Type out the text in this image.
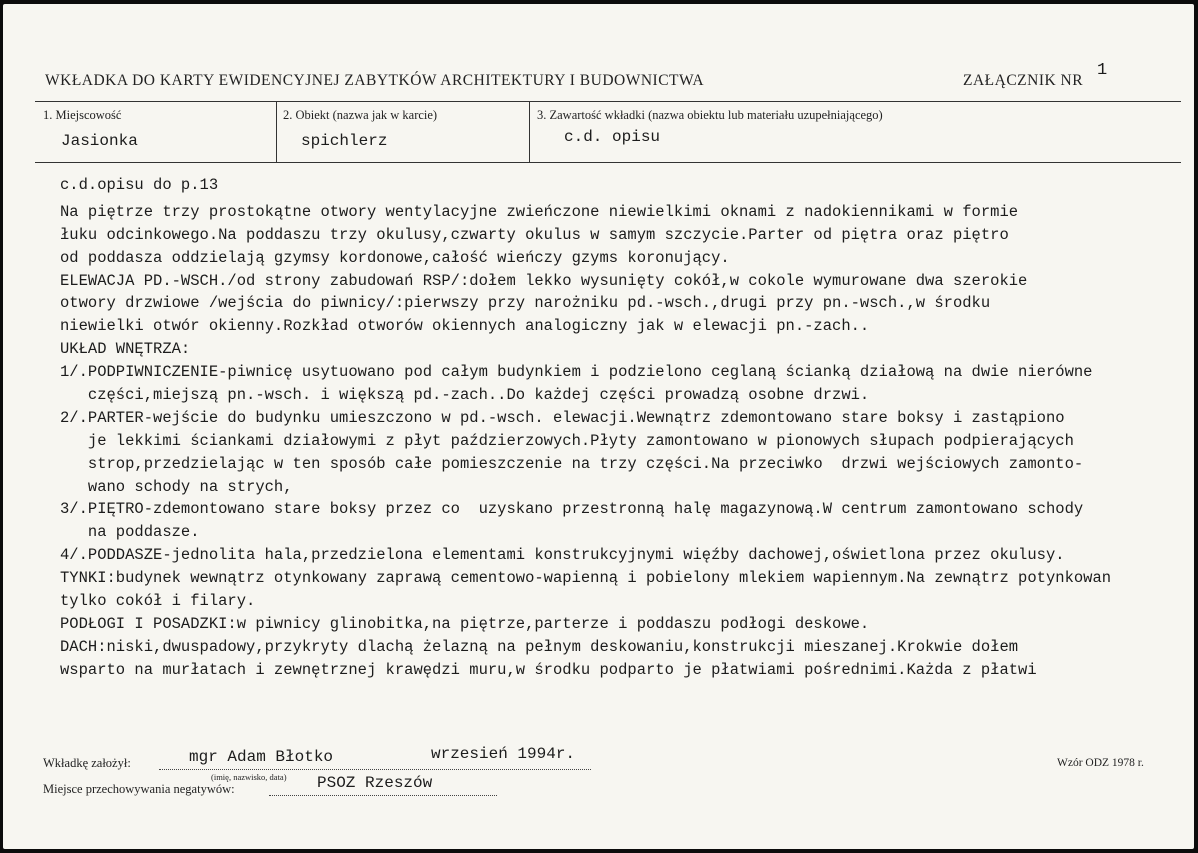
WKŁADKA DO KARTY EWIDENCYJNEJ ZABYTKÓW ARCHITEKTURY I BUDOWNICTWA	ZAŁĄCZNIK NR
1
1. Miejscowość
Jasionka
2. Obiekt (nazwa jak w karcie)
spichlerz
3. Zawartość wkładki (nazwa obiektu lub materiału uzupełniającego)
c.d. opisu
c.d.opisu do p.13
Na piętrze trzy prostokątne otwory wentylacyjne zwieńczone niewielkimi oknami z nadokiennikami w formie
łuku odcinkowego.Na poddaszu trzy okulusy,czwarty okulus w samym szczycie.Parter od piętra oraz piętro
od poddasza oddzielają gzymsy kordonowe,całość wieńczy gzyms koronujący.
ELEWACJA PD.-WSCH./od strony zabudowań RSP/:dołem lekko wysunięty cokół,w cokole wymurowane dwa szerokie
otwory drzwiowe /wejścia do piwnicy/:pierwszy przy narożniku pd.-wsch.,drugi przy pn.-wsch.,w środku
niewielki otwór okienny.Rozkład otworów okiennych analogiczny jak w elewacji pn.-zach..
UKŁAD WNĘTRZA:
1/.PODPIWNICZENIE-piwnicę usytuowano pod całym budynkiem i podzielono ceglaną ścianką działową na dwie nierówne
części,miejszą pn.-wsch. i większą pd.-zach..Do każdej części prowadzą osobne drzwi.
2/.PARTER-wejście do budynku umieszczono w pd.-wsch. elewacji.Wewnątrz zdemontowano stare boksy i zastąpiono
je lekkimi ściankami działowymi z płyt paździerzowych.Płyty zamontowano w pionowych słupach podpierających
strop,przedzielając w ten sposób całe pomieszczenie na trzy części.Na przeciwko  drzwi wejściowych zamonto-
wano schody na strych,
3/.PIĘTRO-zdemontowano stare boksy przez co  uzyskano przestronną halę magazynową.W centrum zamontowano schody
na poddasze.
4/.PODDASZE-jednolita hala,przedzielona elementami konstrukcyjnymi więźby dachowej,oświetlona przez okulusy.
TYNKI:budynek wewnątrz otynkowany zaprawą cementowo-wapienną i pobielony mlekiem wapiennym.Na zewnątrz potynkowan
tylko cokół i filary.
PODŁOGI I POSADZKI:w piwnicy glinobitka,na piętrze,parterze i poddaszu podłogi deskowe.
DACH:niski,dwuspadowy,przykryty dlachą żelazną na pełnym deskowaniu,konstrukcji mieszanej.Krokwie dołem
wsparto na murłatach i zewnętrznej krawędzi muru,w środku podparto je płatwiami pośrednimi.Każda z płatwi
Wkładkę założył:	mgr Adam Błotko	wrzesień 1994r.
(imię, nazwisko, data)
Miejsce przechowywania negatywów:	PSOZ Rzeszów
Wzór ODZ 1978 r.
